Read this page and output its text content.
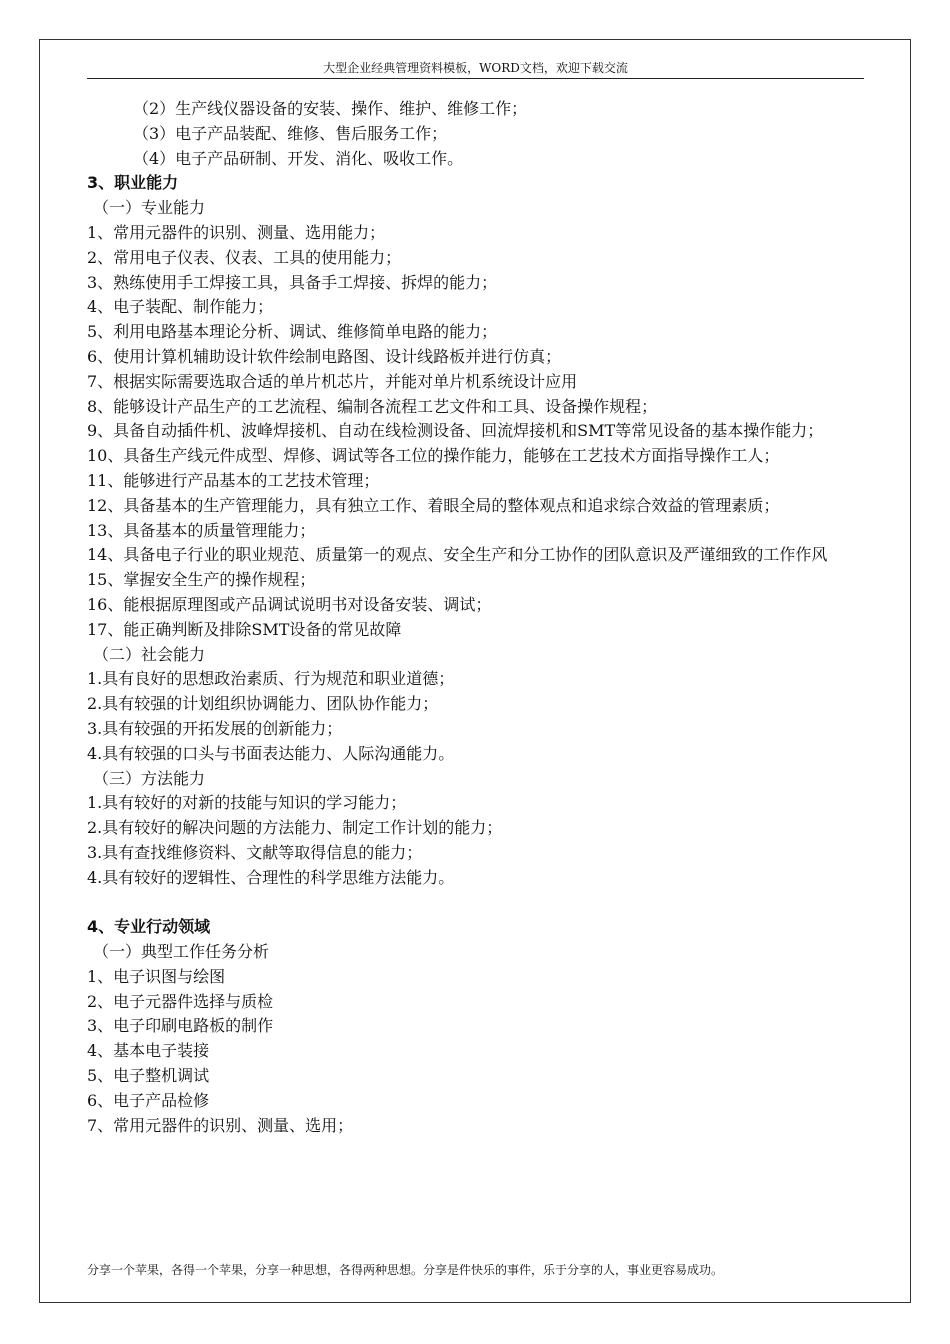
大型企业经典管理资料模板，WORD文档，欢迎下载交流
（2）生产线仪器设备的安装、操作、维护、维修工作；
（3）电子产品装配、维修、售后服务工作；
（4）电子产品研制、开发、消化、吸收工作。
3、职业能力
（一）专业能力
1、常用元器件的识别、测量、选用能力；
2、常用电子仪表、仪表、工具的使用能力；
3、熟练使用手工焊接工具，具备手工焊接、拆焊的能力；
4、电子装配、制作能力；
5、利用电路基本理论分析、调试、维修简单电路的能力；
6、使用计算机辅助设计软件绘制电路图、设计线路板并进行仿真；
7、根据实际需要选取合适的单片机芯片，并能对单片机系统设计应用
8、能够设计产品生产的工艺流程、编制各流程工艺文件和工具、设备操作规程；
9、具备自动插件机、波峰焊接机、自动在线检测设备、回流焊接机和SMT等常见设备的基本操作能力；
10、具备生产线元件成型、焊修、调试等各工位的操作能力，能够在工艺技术方面指导操作工人；
11、能够进行产品基本的工艺技术管理；
12、具备基本的生产管理能力，具有独立工作、着眼全局的整体观点和追求综合效益的管理素质；
13、具备基本的质量管理能力；
14、具备电子行业的职业规范、质量第一的观点、安全生产和分工协作的团队意识及严谨细致的工作作风
15、掌握安全生产的操作规程；
16、能根据原理图或产品调试说明书对设备安装、调试；
17、能正确判断及排除SMT设备的常见故障
（二）社会能力
1.具有良好的思想政治素质、行为规范和职业道德；
2.具有较强的计划组织协调能力、团队协作能力；
3.具有较强的开拓发展的创新能力；
4.具有较强的口头与书面表达能力、人际沟通能力。
（三）方法能力
1.具有较好的对新的技能与知识的学习能力；
2.具有较好的解决问题的方法能力、制定工作计划的能力；
3.具有查找维修资料、文献等取得信息的能力；
4.具有较好的逻辑性、合理性的科学思维方法能力。
4、专业行动领域
（一）典型工作任务分析
1、电子识图与绘图
2、电子元器件选择与质检
3、电子印刷电路板的制作
4、基本电子装接
5、电子整机调试
6、电子产品检修
7、常用元器件的识别、测量、选用；
分享一个苹果，各得一个苹果，分享一种思想，各得两种思想。分享是件快乐的事件，乐于分享的人，事业更容易成功。
